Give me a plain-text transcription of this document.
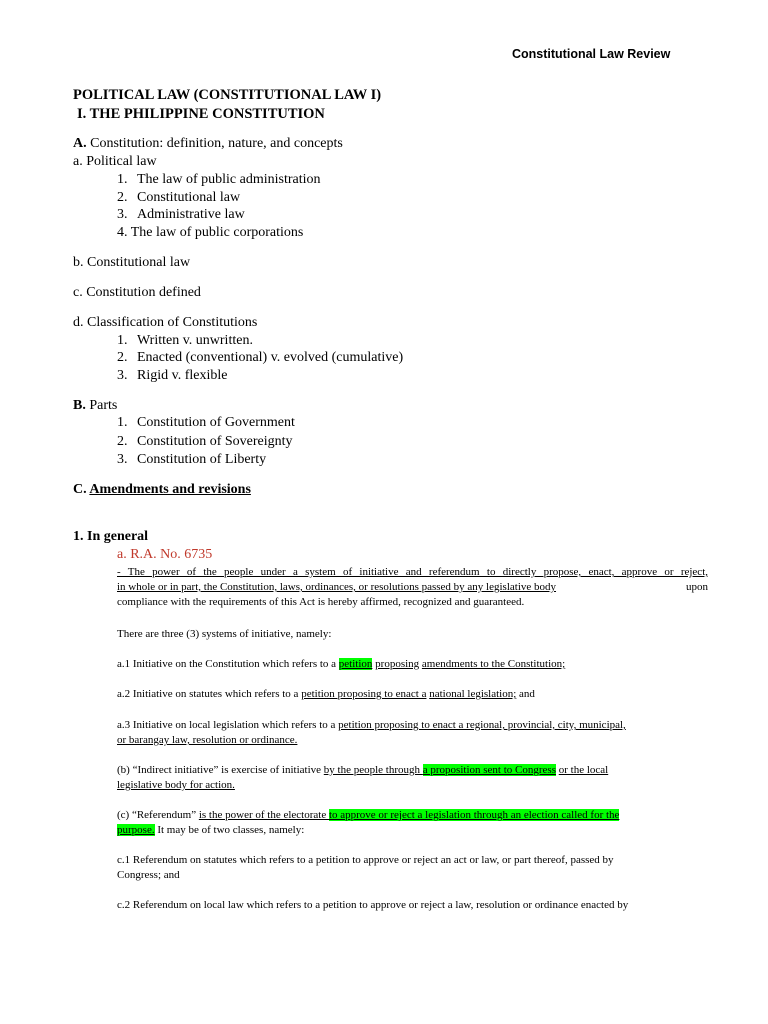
Constitutional Law Review
POLITICAL LAW (CONSTITUTIONAL LAW I)
I. THE PHILIPPINE CONSTITUTION
A. Constitution: definition, nature, and concepts
a. Political law
1. The law of public administration
2. Constitutional law
3. Administrative law
4. The law of public corporations
b. Constitutional law
c. Constitution defined
d. Classification of Constitutions
1. Written v. unwritten.
2. Enacted (conventional) v. evolved (cumulative)
3. Rigid v. flexible
B. Parts
1. Constitution of Government
2. Constitution of Sovereignty
3. Constitution of Liberty
C. Amendments and revisions
1. In general
a. R.A. No. 6735
- The power of the people under a system of initiative and referendum to directly propose, enact, approve or reject,
in whole or in part, the Constitution, laws, ordinances, or resolutions passed by any legislative body	upon
compliance with the requirements of this Act is hereby affirmed, recognized and guaranteed.
There are three (3) systems of initiative, namely:
a.1 Initiative on the Constitution which refers to a petition proposing amendments to the Constitution;
a.2 Initiative on statutes which refers to a petition proposing to enact a national legislation; and
a.3 Initiative on local legislation which refers to a petition proposing to enact a regional, provincial, city, municipal,
or barangay law, resolution or ordinance.
(b) “Indirect initiative” is exercise of initiative by the people through a proposition sent to Congress or the local
legislative body for action.
(c) “Referendum” is the power of the electorate to approve or reject a legislation through an election called for the
purpose. It may be of two classes, namely:
c.1 Referendum on statutes which refers to a petition to approve or reject an act or law, or part thereof, passed by
Congress; and
c.2 Referendum on local law which refers to a petition to approve or reject a law, resolution or ordinance enacted by
